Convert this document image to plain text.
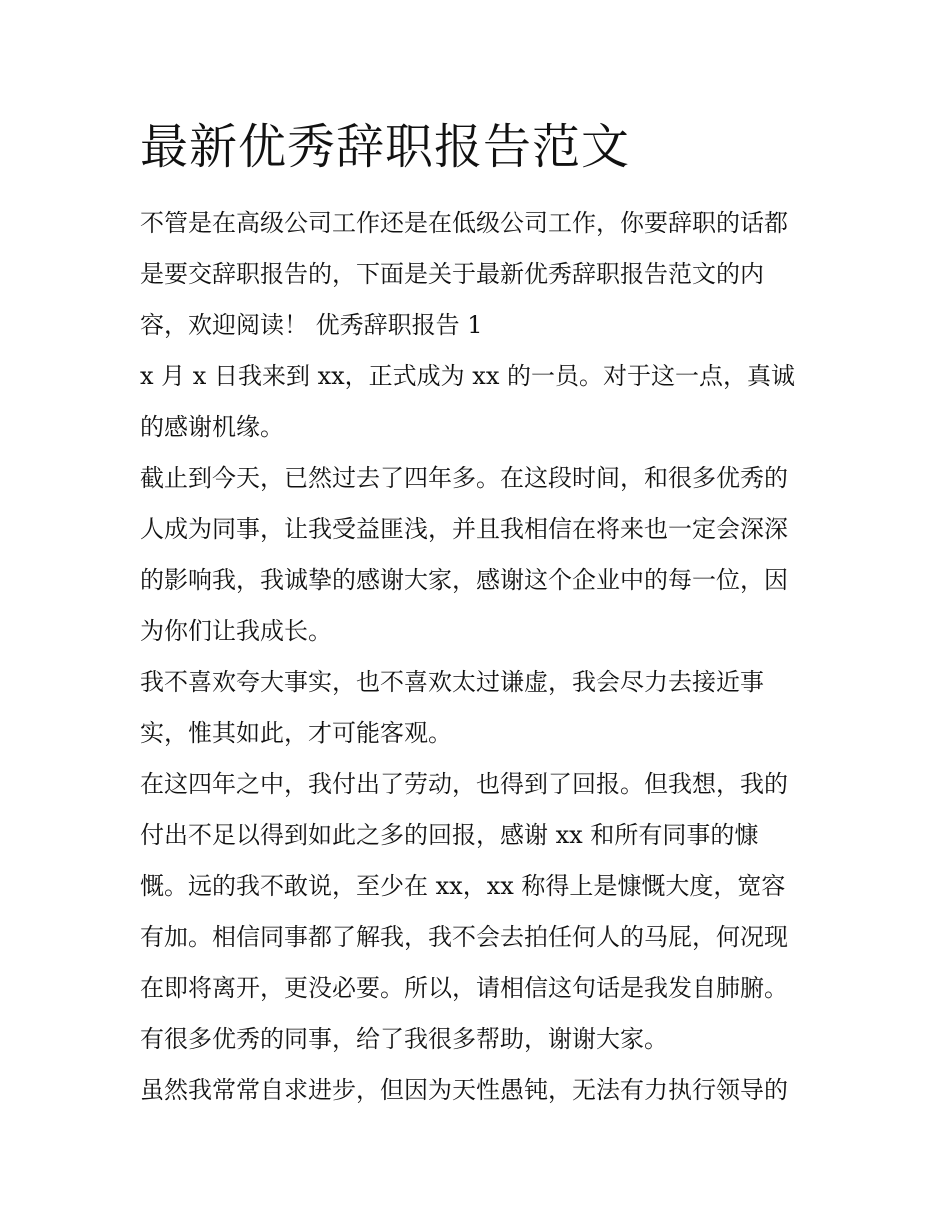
最新优秀辞职报告范文
不管是在高级公司工作还是在低级公司工作，你要辞职的话都
是要交辞职报告的，下面是关于最新优秀辞职报告范文的内
容，欢迎阅读！ 优秀辞职报告 1
x 月 x 日我来到 xx，正式成为 xx 的一员。对于这一点，真诚
的感谢机缘。
截止到今天，已然过去了四年多。在这段时间，和很多优秀的
人成为同事，让我受益匪浅，并且我相信在将来也一定会深深
的影响我，我诚挚的感谢大家，感谢这个企业中的每一位，因
为你们让我成长。
我不喜欢夸大事实，也不喜欢太过谦虚，我会尽力去接近事
实，惟其如此，才可能客观。
在这四年之中，我付出了劳动，也得到了回报。但我想，我的
付出不足以得到如此之多的回报，感谢 xx 和所有同事的慷
慨。远的我不敢说，至少在 xx，xx 称得上是慷慨大度，宽容
有加。相信同事都了解我，我不会去拍任何人的马屁，何况现
在即将离开，更没必要。所以，请相信这句话是我发自肺腑。
有很多优秀的同事，给了我很多帮助，谢谢大家。
虽然我常常自求进步，但因为天性愚钝，无法有力执行领导的
